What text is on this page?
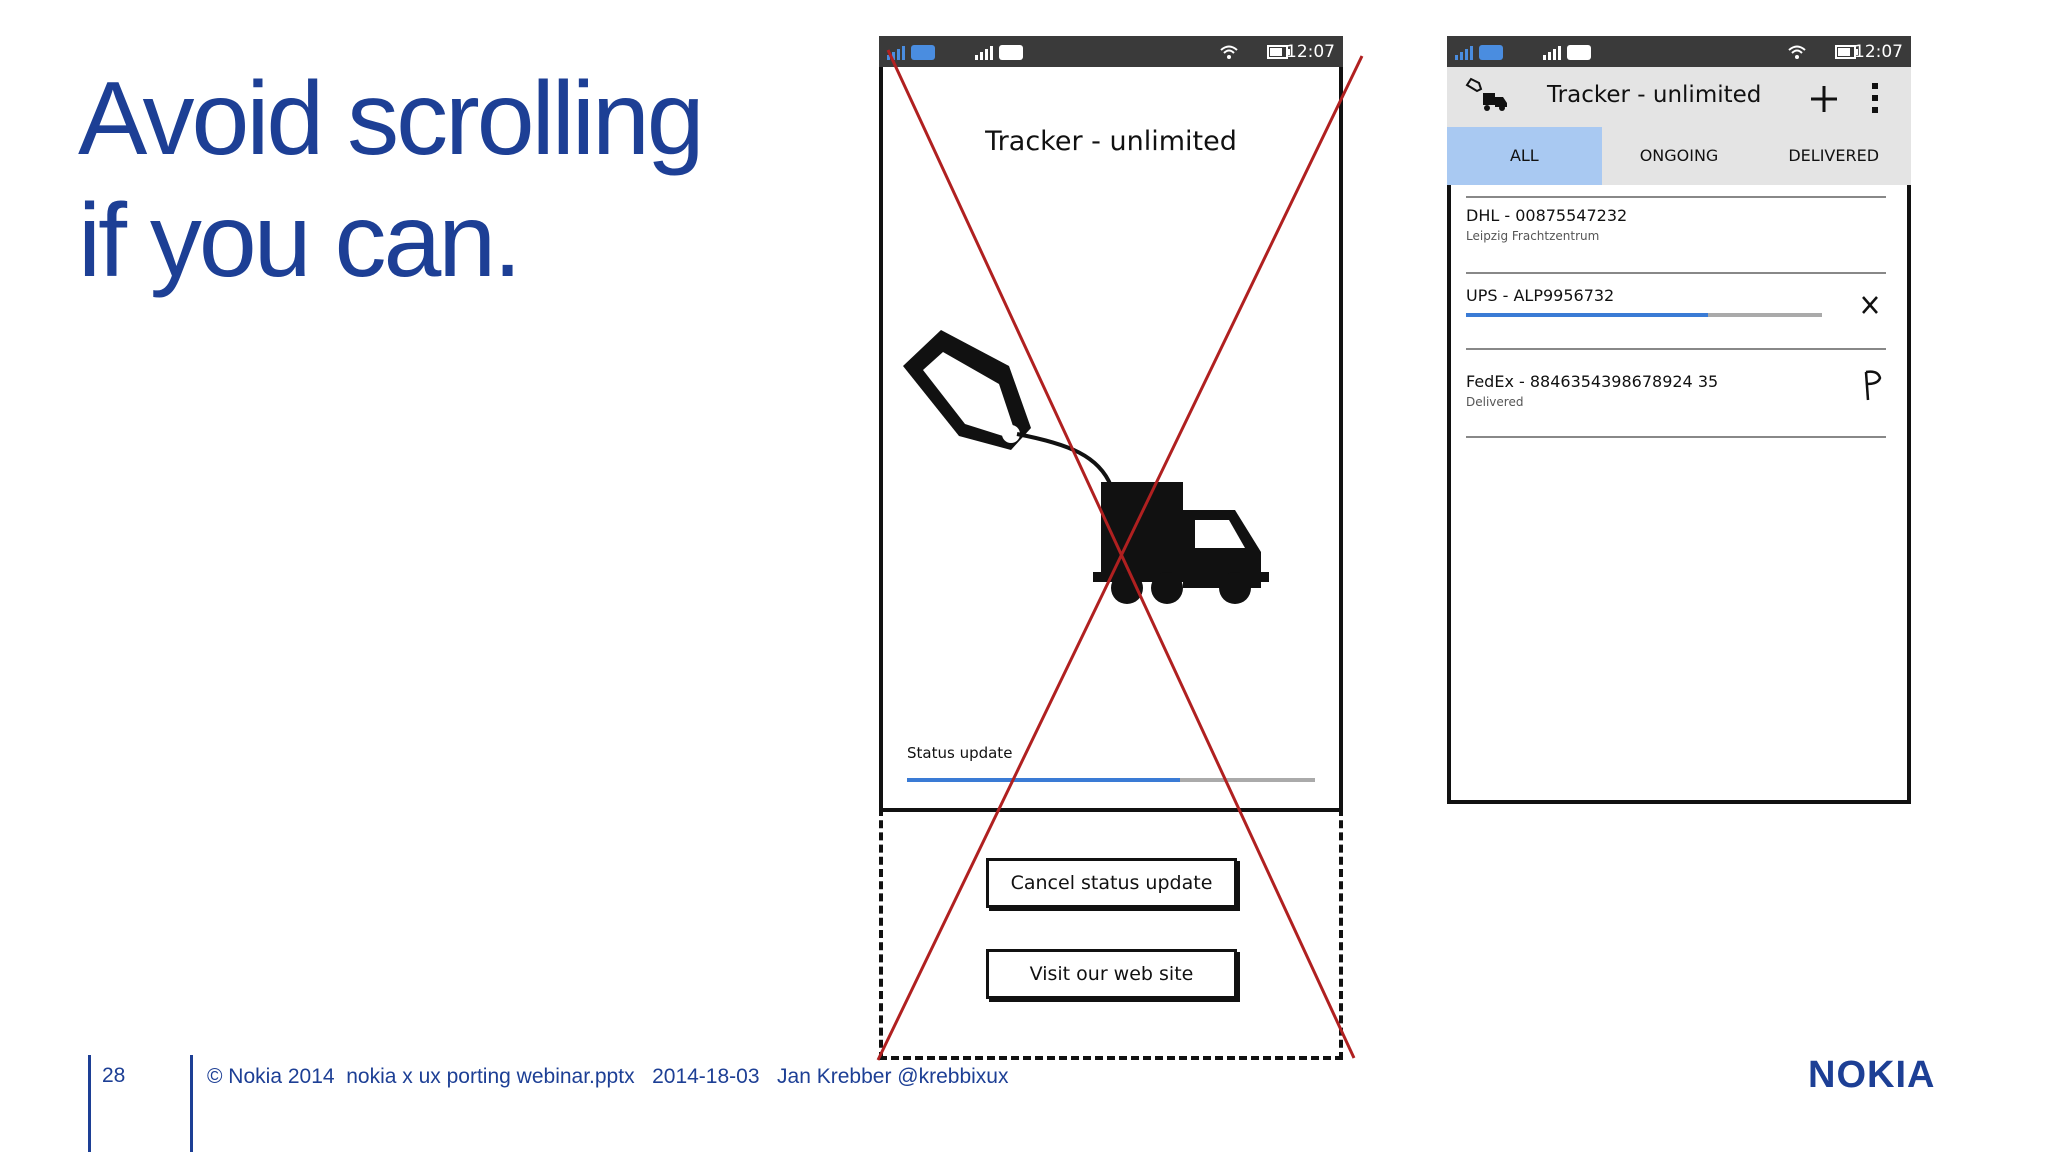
Avoid scrolling
if you can.
12:07
Tracker - unlimited
Status update
Cancel status update
Visit our web site
12:07
Tracker - unlimited
ALL	ONGOING	DELIVERED
DHL - 00875547232
Leipzig Frachtzentrum
UPS - ALP9956732
FedEx - 8846354398678924 35
Delivered
28	© Nokia 2014 nokia x ux porting webinar.pptx 2014-18-03 Jan Krebber @krebbixux	NOKIA
